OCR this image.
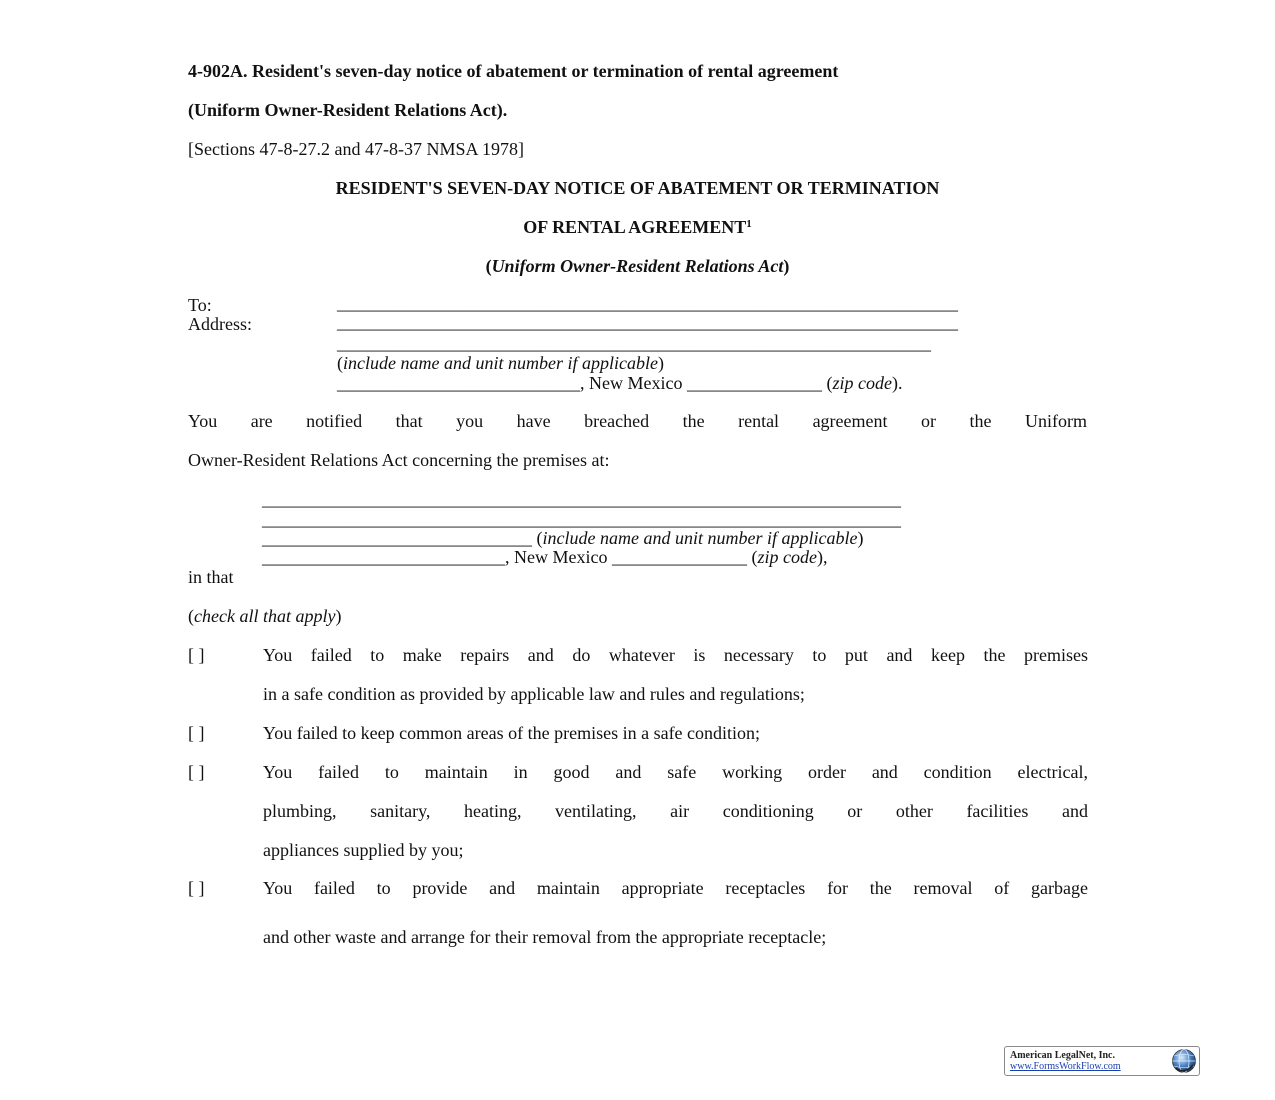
4-902A. Resident's seven-day notice of abatement or termination of rental agreement
(Uniform Owner-Resident Relations Act).
[Sections 47-8-27.2 and 47-8-37 NMSA 1978]
RESIDENT'S SEVEN-DAY NOTICE OF ABATEMENT OR TERMINATION
OF RENTAL AGREEMENT$^1$
(Uniform Owner-Resident Relations Act)
To:	_____________________________________________________________________
Address:	_____________________________________________________________________
__________________________________________________________________
(include name and unit number if applicable)
___________________________, New Mexico _______________ (zip code).
You are notified that you have breached the rental agreement or the Uniform
Owner-Resident Relations Act concerning the premises at:
_______________________________________________________________________
_______________________________________________________________________
______________________________ (include name and unit number if applicable)
___________________________, New Mexico _______________ (zip code),
in that
(check all that apply)
[ ]	You failed to make repairs and do whatever is necessary to put and keep the premises
in a safe condition as provided by applicable law and rules and regulations;
[ ]	You failed to keep common areas of the premises in a safe condition;
[ ]	You failed to maintain in good and safe working order and condition electrical,
plumbing, sanitary, heating, ventilating, air conditioning or other facilities and
appliances supplied by you;
[ ]	You failed to provide and maintain appropriate receptacles for the removal of garbage
and other waste and arrange for their removal from the appropriate receptacle;
American LegalNet, Inc.
www.FormsWorkFlow.com
